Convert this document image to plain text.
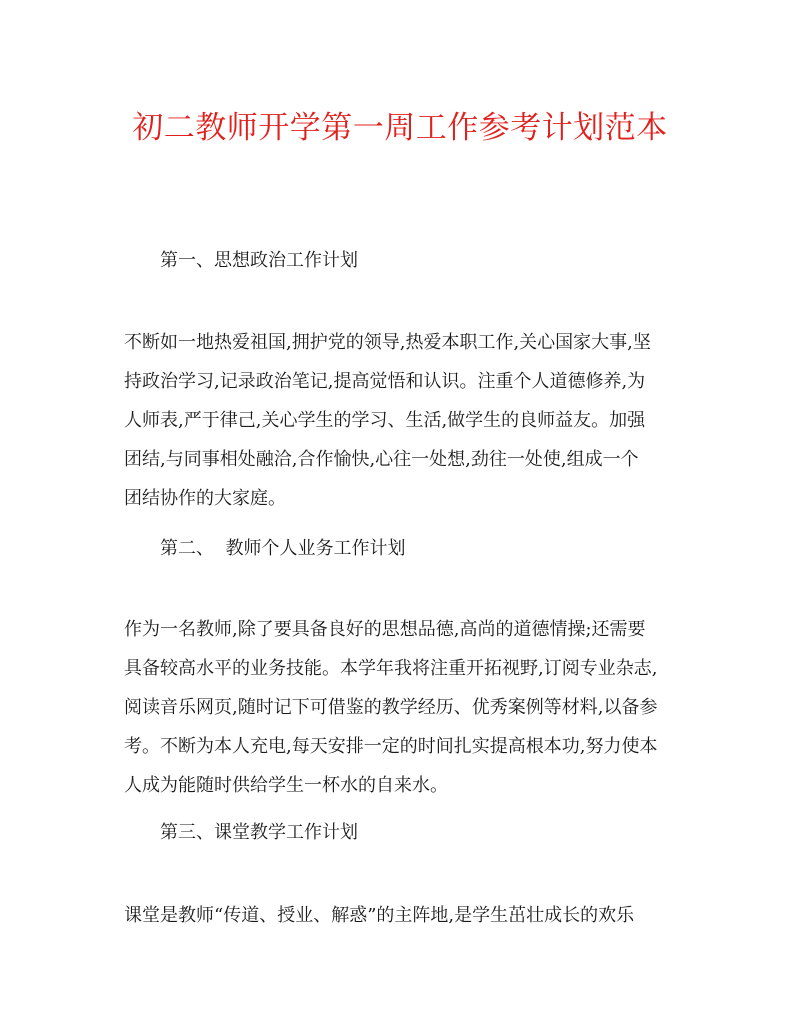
初二教师开学第一周工作参考计划范本
第一、思想政治工作计划
不断如一地热爱祖国,拥护党的领导,热爱本职工作,关心国家大事,坚
持政治学习,记录政治笔记,提高觉悟和认识。注重个人道德修养,为
人师表,严于律己,关心学生的学习、生活,做学生的良师益友。加强
团结,与同事相处融洽,合作愉快,心往一处想,劲往一处使,组成一个
团结协作的大家庭。
第二、  教师个人业务工作计划
作为一名教师,除了要具备良好的思想品德,高尚的道德情操;还需要
具备较高水平的业务技能。本学年我将注重开拓视野,订阅专业杂志,
阅读音乐网页,随时记下可借鉴的教学经历、优秀案例等材料,以备参
考。不断为本人充电,每天安排一定的时间扎实提高根本功,努力使本
人成为能随时供给学生一杯水的自来水。
第三、课堂教学工作计划
课堂是教师“传道、授业、解惑”的主阵地,是学生茁壮成长的欢乐
